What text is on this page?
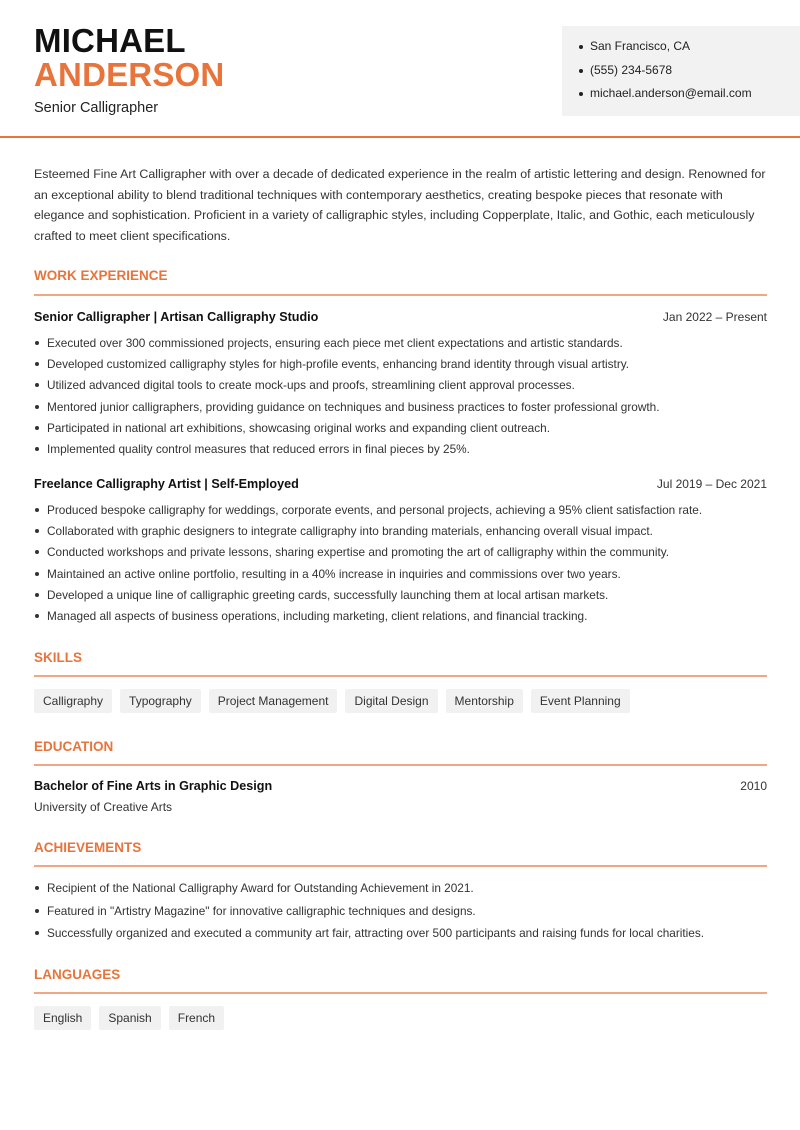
MICHAEL
ANDERSON
Senior Calligrapher
San Francisco, CA
(555) 234-5678
michael.anderson@email.com

Esteemed Fine Art Calligrapher with over a decade of dedicated experience in the realm of artistic lettering and design. Renowned for an exceptional ability to blend traditional techniques with contemporary aesthetics, creating bespoke pieces that resonate with elegance and sophistication. Proficient in a variety of calligraphic styles, including Copperplate, Italic, and Gothic, each meticulously crafted to meet client specifications.

WORK EXPERIENCE
Senior Calligrapher | Artisan Calligraphy Studio	Jan 2022 – Present
Executed over 300 commissioned projects, ensuring each piece met client expectations and artistic standards.
Developed customized calligraphy styles for high-profile events, enhancing brand identity through visual artistry.
Utilized advanced digital tools to create mock-ups and proofs, streamlining client approval processes.
Mentored junior calligraphers, providing guidance on techniques and business practices to foster professional growth.
Participated in national art exhibitions, showcasing original works and expanding client outreach.
Implemented quality control measures that reduced errors in final pieces by 25%.
Freelance Calligraphy Artist | Self-Employed	Jul 2019 – Dec 2021
Produced bespoke calligraphy for weddings, corporate events, and personal projects, achieving a 95% client satisfaction rate.
Collaborated with graphic designers to integrate calligraphy into branding materials, enhancing overall visual impact.
Conducted workshops and private lessons, sharing expertise and promoting the art of calligraphy within the community.
Maintained an active online portfolio, resulting in a 40% increase in inquiries and commissions over two years.
Developed a unique line of calligraphic greeting cards, successfully launching them at local artisan markets.
Managed all aspects of business operations, including marketing, client relations, and financial tracking.
SKILLS
Calligraphy	Typography	Project Management	Digital Design	Mentorship	Event Planning
EDUCATION
Bachelor of Fine Arts in Graphic Design	2010
University of Creative Arts
ACHIEVEMENTS
Recipient of the National Calligraphy Award for Outstanding Achievement in 2021.
Featured in "Artistry Magazine" for innovative calligraphic techniques and designs.
Successfully organized and executed a community art fair, attracting over 500 participants and raising funds for local charities.
LANGUAGES
English	Spanish	French
